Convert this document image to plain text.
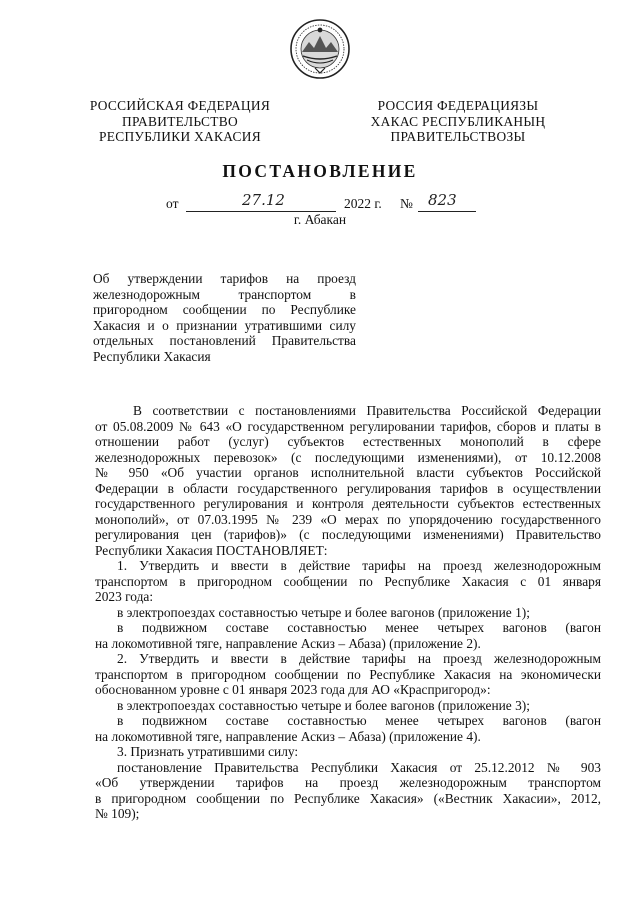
РОССИЙСКАЯ ФЕДЕРАЦИЯ
ПРАВИТЕЛЬСТВО
РЕСПУБЛИКИ ХАКАСИЯ
РОССИЯ ФЕДЕРАЦИЯЗЫ
ХАКАС РЕСПУБЛИКАНЫҢ
ПРАВИТЕЛЬСТВОЗЫ
ПОСТАНОВЛЕНИЕ
от	27.12	2022 г. № 823
г. Абакан
Об утверждении тарифов на проезд
железнодорожным транспортом в
пригородном сообщении по Республике
Хакасия и о признании утратившими силу
отдельных постановлений Правительства
Республики Хакасия
В соответствии с постановлениями Правительства Российской Федерации
от 05.08.2009 № 643 «О государственном регулировании тарифов, сборов и платы в
отношении работ (услуг) субъектов естественных монополий в сфере
железнодорожных перевозок» (с последующими изменениями), от 10.12.2008
№ 950 «Об участии органов исполнительной власти субъектов Российской
Федерации в области государственного регулирования тарифов в осуществлении
государственного регулирования и контроля деятельности субъектов естественных
монополий», от 07.03.1995 № 239 «О мерах по упорядочению государственного
регулирования цен (тарифов)» (с последующими изменениями) Правительство
Республики Хакасия ПОСТАНОВЛЯЕТ:
1. Утвердить и ввести в действие тарифы на проезд железнодорожным
транспортом в пригородном сообщении по Республике Хакасия с 01 января
2023 года:
в электропоездах составностью четыре и более вагонов (приложение 1);
в подвижном составе составностью менее четырех вагонов (вагон
на локомотивной тяге, направление Аскиз – Абаза) (приложение 2).
2. Утвердить и ввести в действие тарифы на проезд железнодорожным
транспортом в пригородном сообщении по Республике Хакасия на экономически
обоснованном уровне с 01 января 2023 года для АО «Краспригород»:
в электропоездах составностью четыре и более вагонов (приложение 3);
в подвижном составе составностью менее четырех вагонов (вагон
на локомотивной тяге, направление Аскиз – Абаза) (приложение 4).
3. Признать утратившими силу:
постановление Правительства Республики Хакасия от 25.12.2012 № 903
«Об утверждении тарифов на проезд железнодорожным транспортом
в пригородном сообщении по Республике Хакасия» («Вестник Хакасии», 2012,
№ 109);
